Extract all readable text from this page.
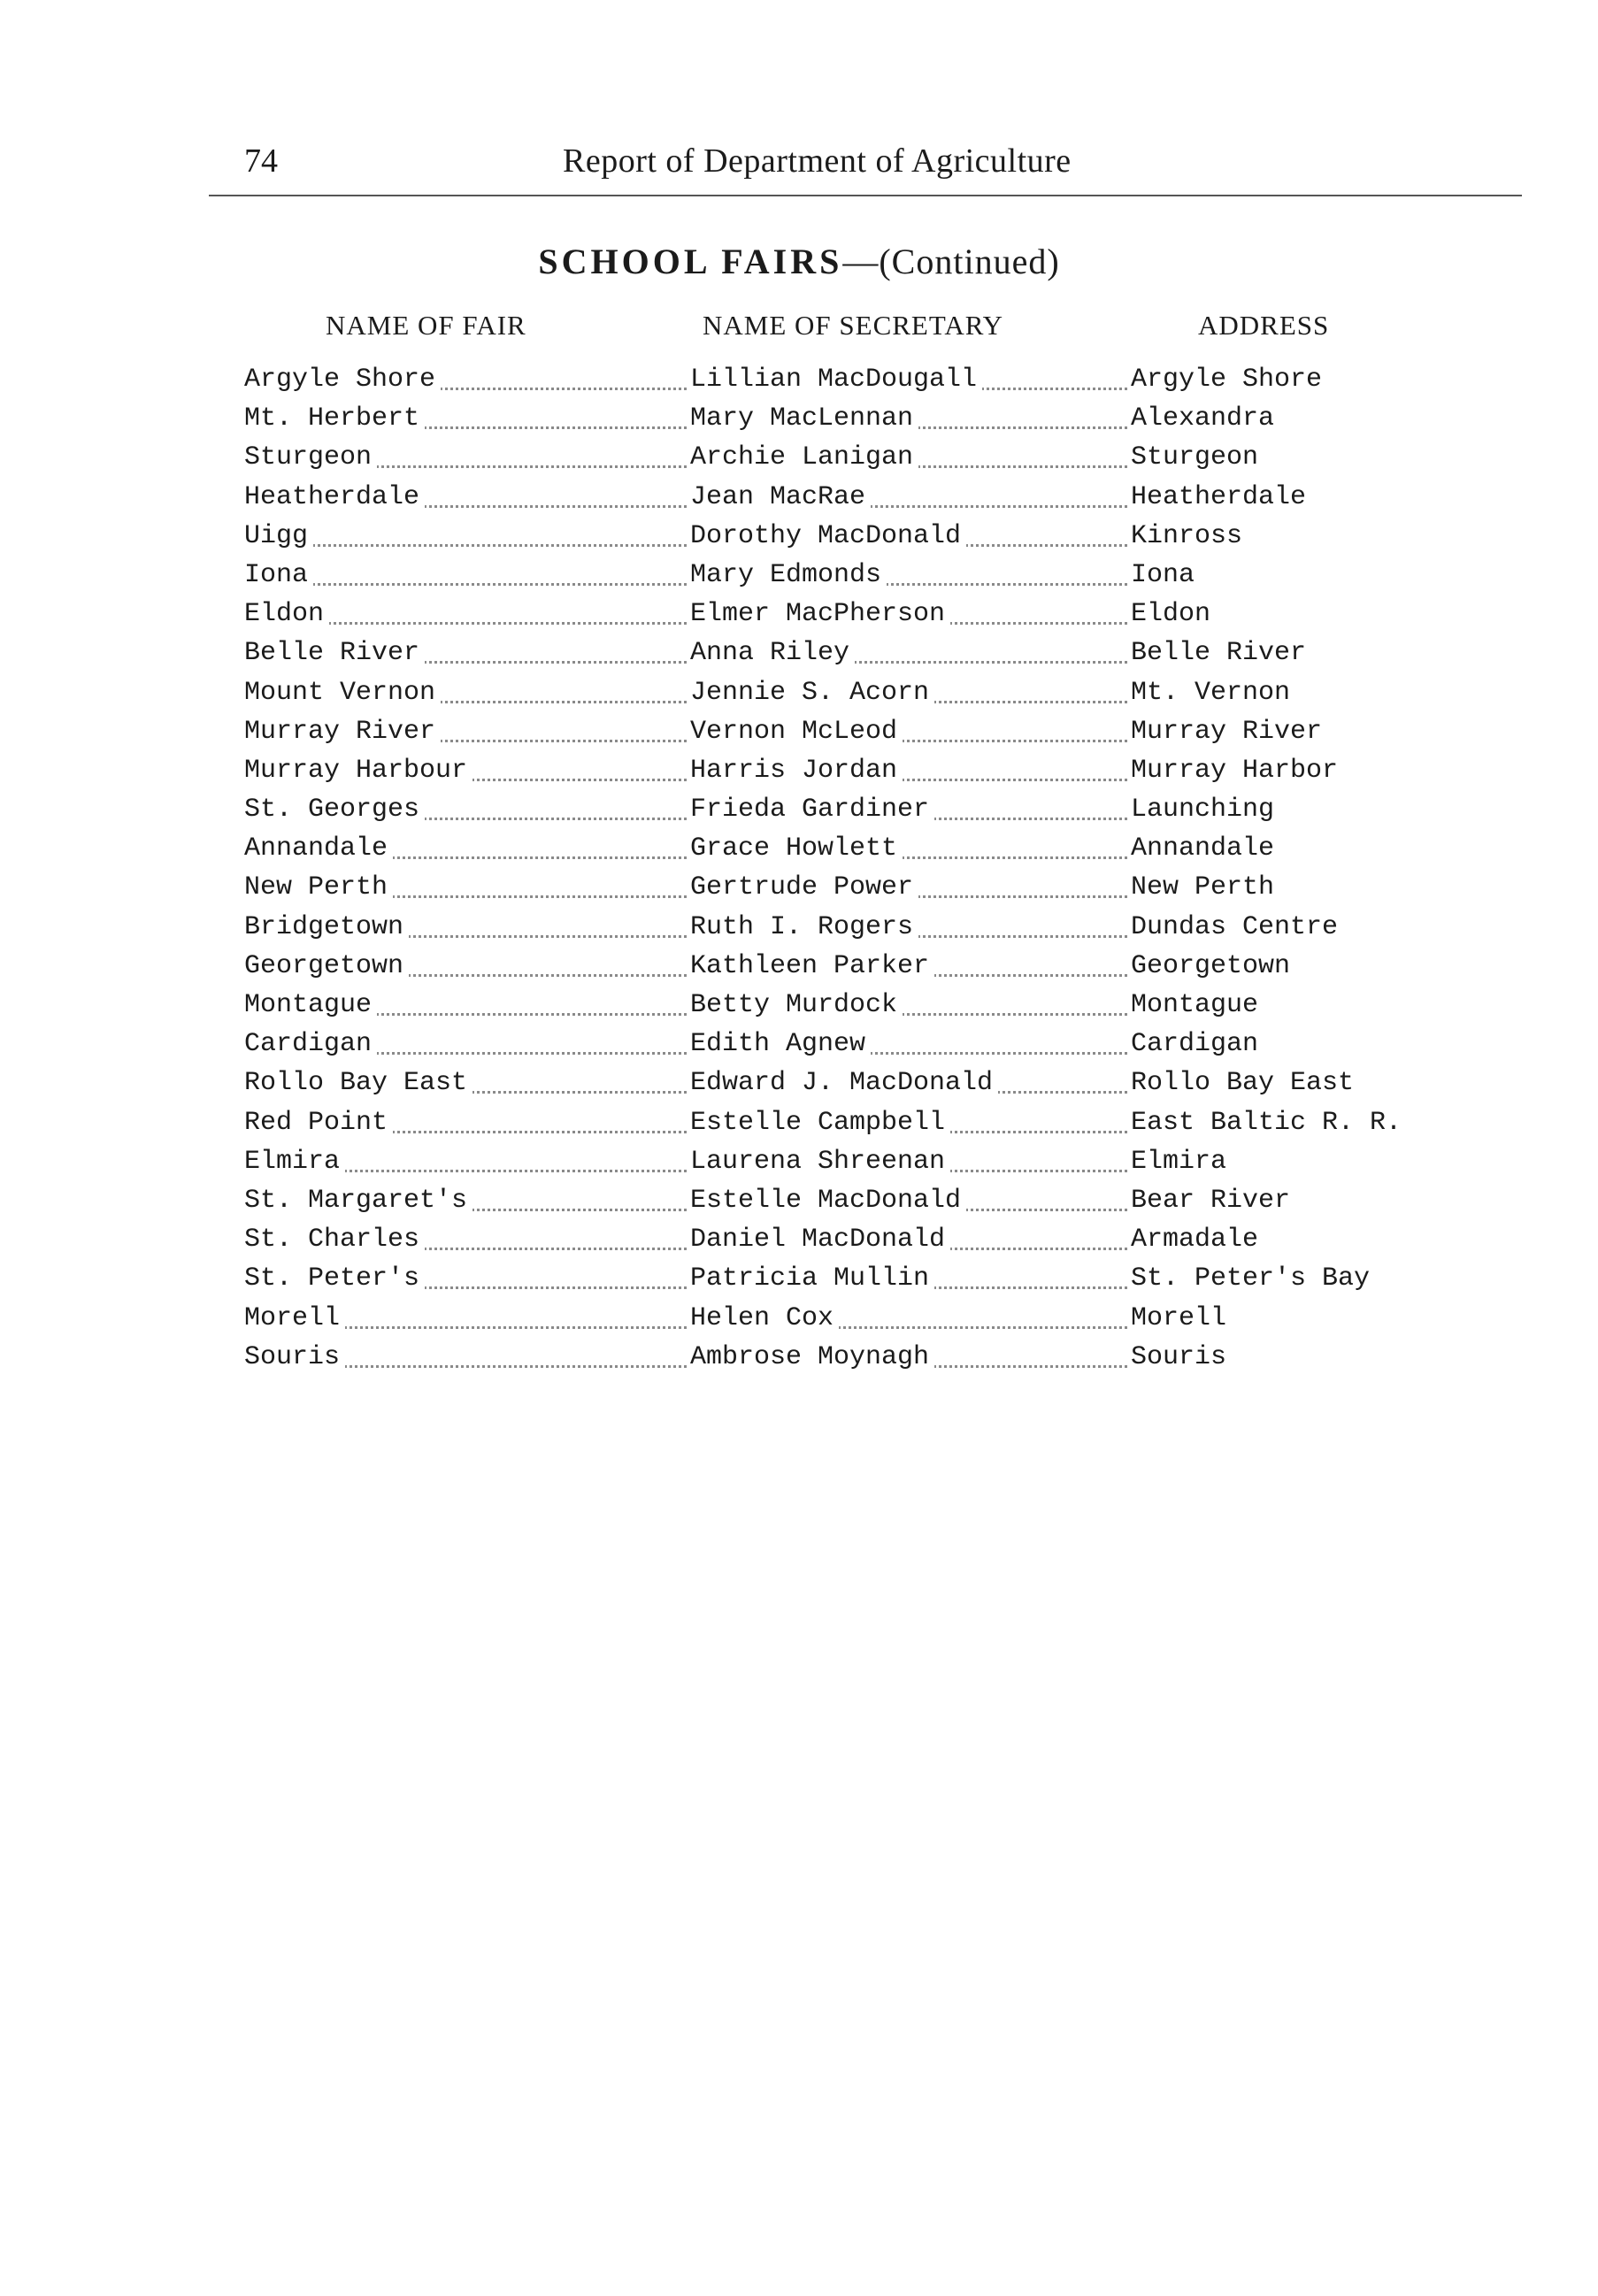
74	Report of Department of Agriculture
SCHOOL FAIRS—(Continued)
NAME OF FAIR	NAME OF SECRETARY	ADDRESS
Argyle Shore	Lillian MacDougall	Argyle Shore
Mt. Herbert	Mary MacLennan	Alexandra
Sturgeon	Archie Lanigan	Sturgeon
Heatherdale	Jean MacRae	Heatherdale
Uigg	Dorothy MacDonald	Kinross
Iona	Mary Edmonds	Iona
Eldon	Elmer MacPherson	Eldon
Belle River	Anna Riley	Belle River
Mount Vernon	Jennie S. Acorn	Mt. Vernon
Murray River	Vernon McLeod	Murray River
Murray Harbour	Harris Jordan	Murray Harbor
St. Georges	Frieda Gardiner	Launching
Annandale	Grace Howlett	Annandale
New Perth	Gertrude Power	New Perth
Bridgetown	Ruth I. Rogers	Dundas Centre
Georgetown	Kathleen Parker	Georgetown
Montague	Betty Murdock	Montague
Cardigan	Edith Agnew	Cardigan
Rollo Bay East	Edward J. MacDonald	Rollo Bay East
Red Point	Estelle Campbell	East Baltic R. R.
Elmira	Laurena Shreenan	Elmira
St. Margaret's	Estelle MacDonald	Bear River
St. Charles	Daniel MacDonald	Armadale
St. Peter's	Patricia Mullin	St. Peter's Bay
Morell	Helen Cox	Morell
Souris	Ambrose Moynagh	Souris
